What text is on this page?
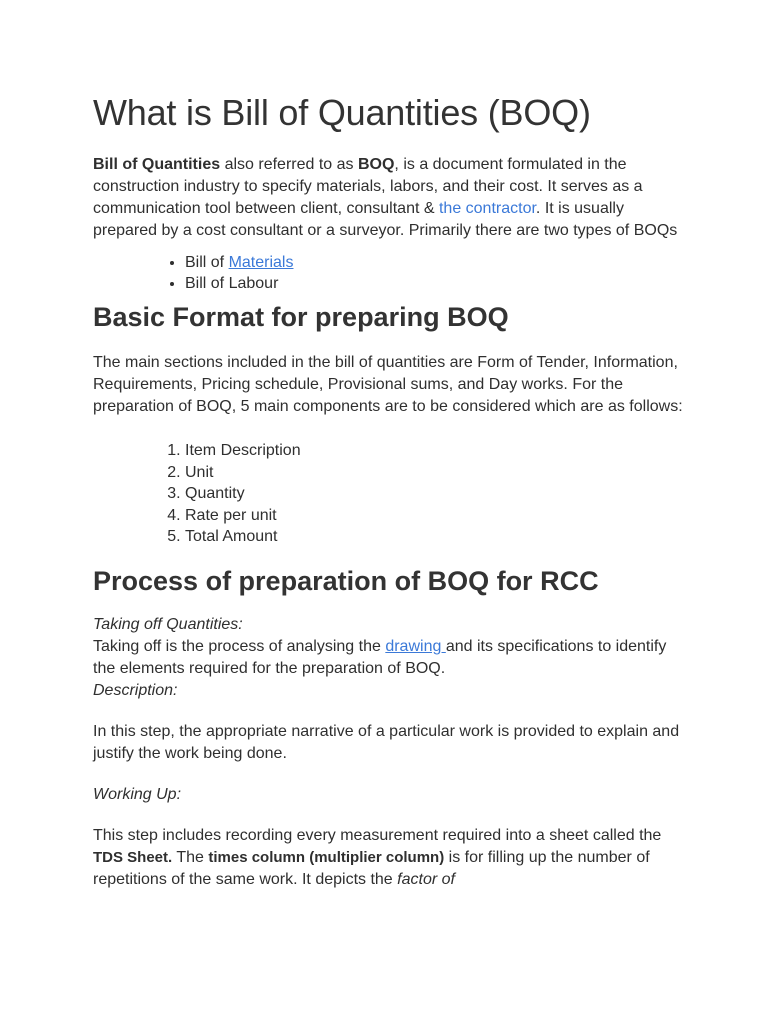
What is Bill of Quantities (BOQ)

Bill of Quantities also referred to as BOQ, is a document formulated in the construction industry to specify materials, labors, and their cost. It serves as a communication tool between client, consultant & the contractor. It is usually prepared by a cost consultant or a surveyor. Primarily there are two types of BOQs

• Bill of Materials
• Bill of Labour
Basic Format for preparing BOQ

The main sections included in the bill of quantities are Form of Tender, Information, Requirements, Pricing schedule, Provisional sums, and Day works. For the preparation of BOQ, 5 main components are to be considered which are as follows:

1. Item Description
2. Unit
3. Quantity
4. Rate per unit
5. Total Amount
Process of preparation of BOQ for RCC

Taking off Quantities:

Taking off is the process of analysing the drawing and its specifications to identify the elements required for the preparation of BOQ.

Description:

In this step, the appropriate narrative of a particular work is provided to explain and justify the work being done.

Working Up:

This step includes recording every measurement required into a sheet called the TDS Sheet. The times column (multiplier column) is for filling up the number of repetitions of the same work. It depicts the factor of
